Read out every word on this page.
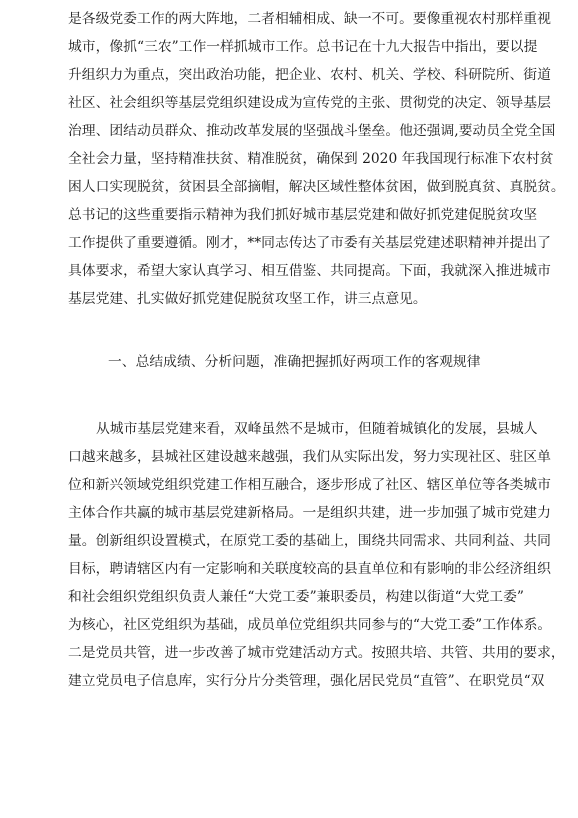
是各级党委工作的两大阵地，二者相辅相成、缺一不可。要像重视农村那样重视
城市，像抓“三农”工作一样抓城市工作。总书记在十九大报告中指出，要以提
升组织力为重点，突出政治功能，把企业、农村、机关、学校、科研院所、街道
社区、社会组织等基层党组织建设成为宣传党的主张、贯彻党的决定、领导基层
治理、团结动员群众、推动改革发展的坚强战斗堡垒。他还强调,要动员全党全国
全社会力量，坚持精准扶贫、精准脱贫，确保到 2020 年我国现行标准下农村贫
困人口实现脱贫，贫困县全部摘帽，解决区域性整体贫困，做到脱真贫、真脱贫。
总书记的这些重要指示精神为我们抓好城市基层党建和做好抓党建促脱贫攻坚
工作提供了重要遵循。刚才，**同志传达了市委有关基层党建述职精神并提出了
具体要求，希望大家认真学习、相互借鉴、共同提高。下面，我就深入推进城市
基层党建、扎实做好抓党建促脱贫攻坚工作，讲三点意见。
一、总结成绩、分析问题，准确把握抓好两项工作的客观规律
从城市基层党建来看，双峰虽然不是城市，但随着城镇化的发展，县城人
口越来越多，县城社区建设越来越强，我们从实际出发，努力实现社区、驻区单
位和新兴领域党组织党建工作相互融合，逐步形成了社区、辖区单位等各类城市
主体合作共赢的城市基层党建新格局。一是组织共建，进一步加强了城市党建力
量。创新组织设置模式，在原党工委的基础上，围绕共同需求、共同利益、共同
目标，聘请辖区内有一定影响和关联度较高的县直单位和有影响的非公经济组织
和社会组织党组织负责人兼任“大党工委”兼职委员，构建以街道“大党工委”
为核心，社区党组织为基础，成员单位党组织共同参与的“大党工委”工作体系。
二是党员共管，进一步改善了城市党建活动方式。按照共培、共管、共用的要求，
建立党员电子信息库，实行分片分类管理，强化居民党员“直管”、在职党员“双
